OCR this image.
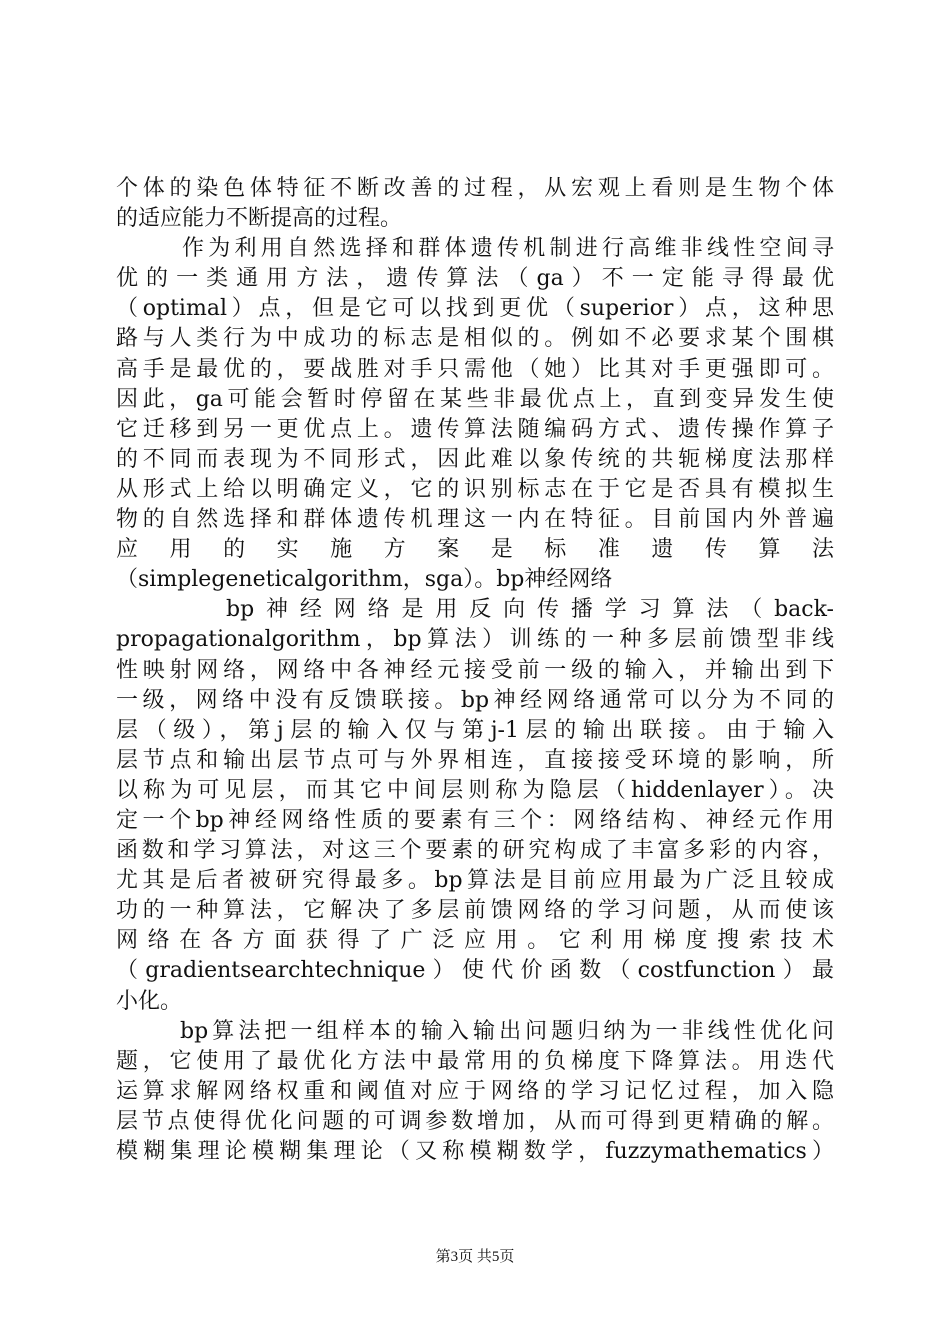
个体的染色体特征不断改善的过程，从宏观上看则是生物个体
的适应能力不断提高的过程。
作为利用自然选择和群体遗传机制进行高维非线性空间寻
优的一类通用方法，遗传算法（ga）不一定能寻得最优
（optimal）点，但是它可以找到更优（superior）点，这种思
路与人类行为中成功的标志是相似的。例如不必要求某个围棋
高手是最优的，要战胜对手只需他（她）比其对手更强即可。
因此，ga可能会暂时停留在某些非最优点上，直到变异发生使
它迁移到另一更优点上。遗传算法随编码方式、遗传操作算子
的不同而表现为不同形式，因此难以象传统的共轭梯度法那样
从形式上给以明确定义，它的识别标志在于它是否具有模拟生
物的自然选择和群体遗传机理这一内在特征。目前国内外普遍
应用的实施方案是标准遗传算法
（simplegeneticalgorithm，sga）。bp神经网络
bp神经网络是用反向传播学习算法（back-
propagationalgorithm，bp算法）训练的一种多层前馈型非线
性映射网络，网络中各神经元接受前一级的输入，并输出到下
一级，网络中没有反馈联接。bp神经网络通常可以分为不同的
层（级），第j层的输入仅与第j-1层的输出联接。由于输入
层节点和输出层节点可与外界相连，直接接受环境的影响，所
以称为可见层，而其它中间层则称为隐层（hiddenlayer）。决
定一个bp神经网络性质的要素有三个：网络结构、神经元作用
函数和学习算法，对这三个要素的研究构成了丰富多彩的内容，
尤其是后者被研究得最多。bp算法是目前应用最为广泛且较成
功的一种算法，它解决了多层前馈网络的学习问题，从而使该
网络在各方面获得了广泛应用。它利用梯度搜索技术
（gradientsearchtechnique）使代价函数（costfunction）最
小化。
bp算法把一组样本的输入输出问题归纳为一非线性优化问
题，它使用了最优化方法中最常用的负梯度下降算法。用迭代
运算求解网络权重和阈值对应于网络的学习记忆过程，加入隐
层节点使得优化问题的可调参数增加，从而可得到更精确的解。
模糊集理论模糊集理论（又称模糊数学，fuzzymathematics）
第3页 共5页
